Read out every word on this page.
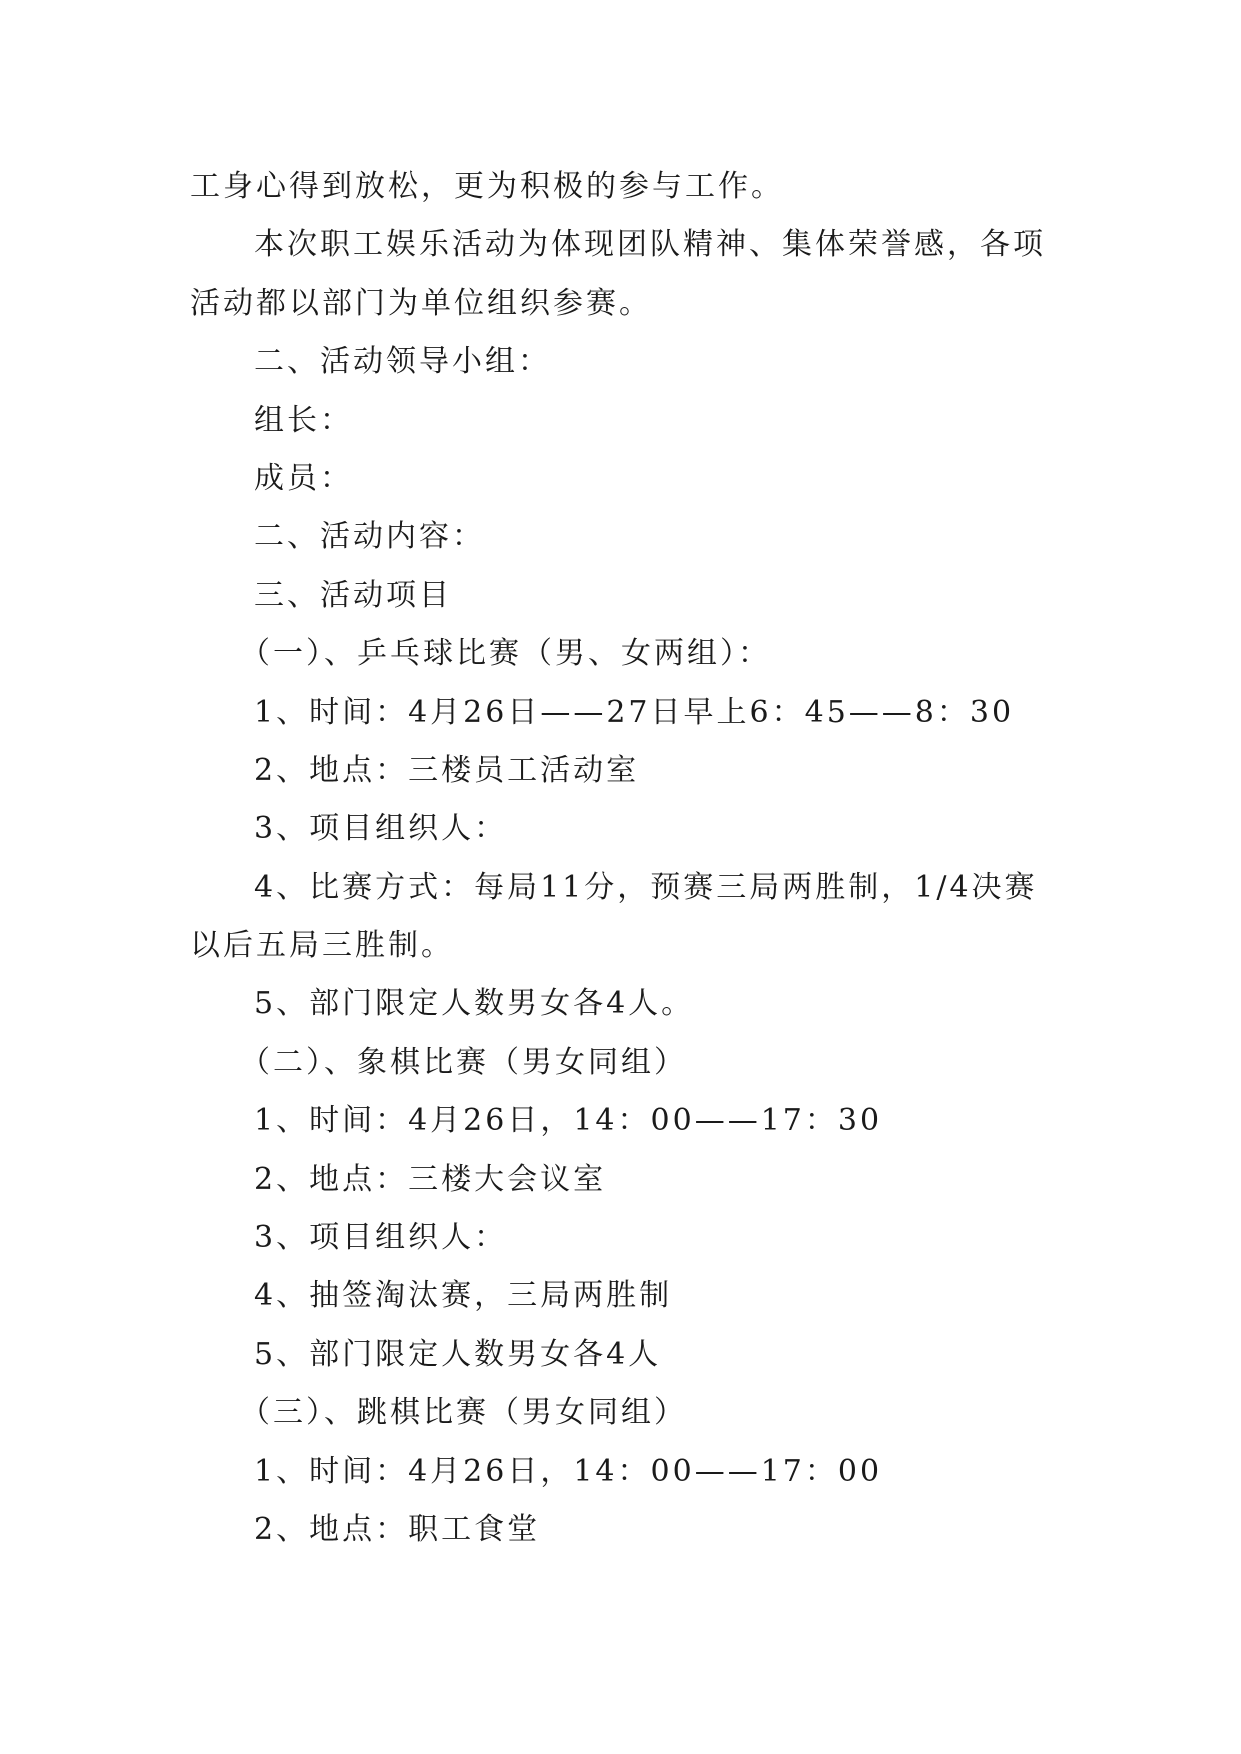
工身心得到放松，更为积极的参与工作。
本次职工娱乐活动为体现团队精神、集体荣誉感，各项
活动都以部门为单位组织参赛。
二、活动领导小组：
组长：
成员：
二、活动内容：
三、活动项目
（一）、乒乓球比赛（男、女两组）：
1、时间：4月26日——27日早上6：45——8：30
2、地点：三楼员工活动室
3、项目组织人：
4、比赛方式：每局11分，预赛三局两胜制，1/4决赛
以后五局三胜制。
5、部门限定人数男女各4人。
（二）、象棋比赛（男女同组）
1、时间：4月26日，14：00——17：30
2、地点：三楼大会议室
3、项目组织人：
4、抽签淘汰赛，三局两胜制
5、部门限定人数男女各4人
（三）、跳棋比赛（男女同组）
1、时间：4月26日，14：00——17：00
2、地点：职工食堂
